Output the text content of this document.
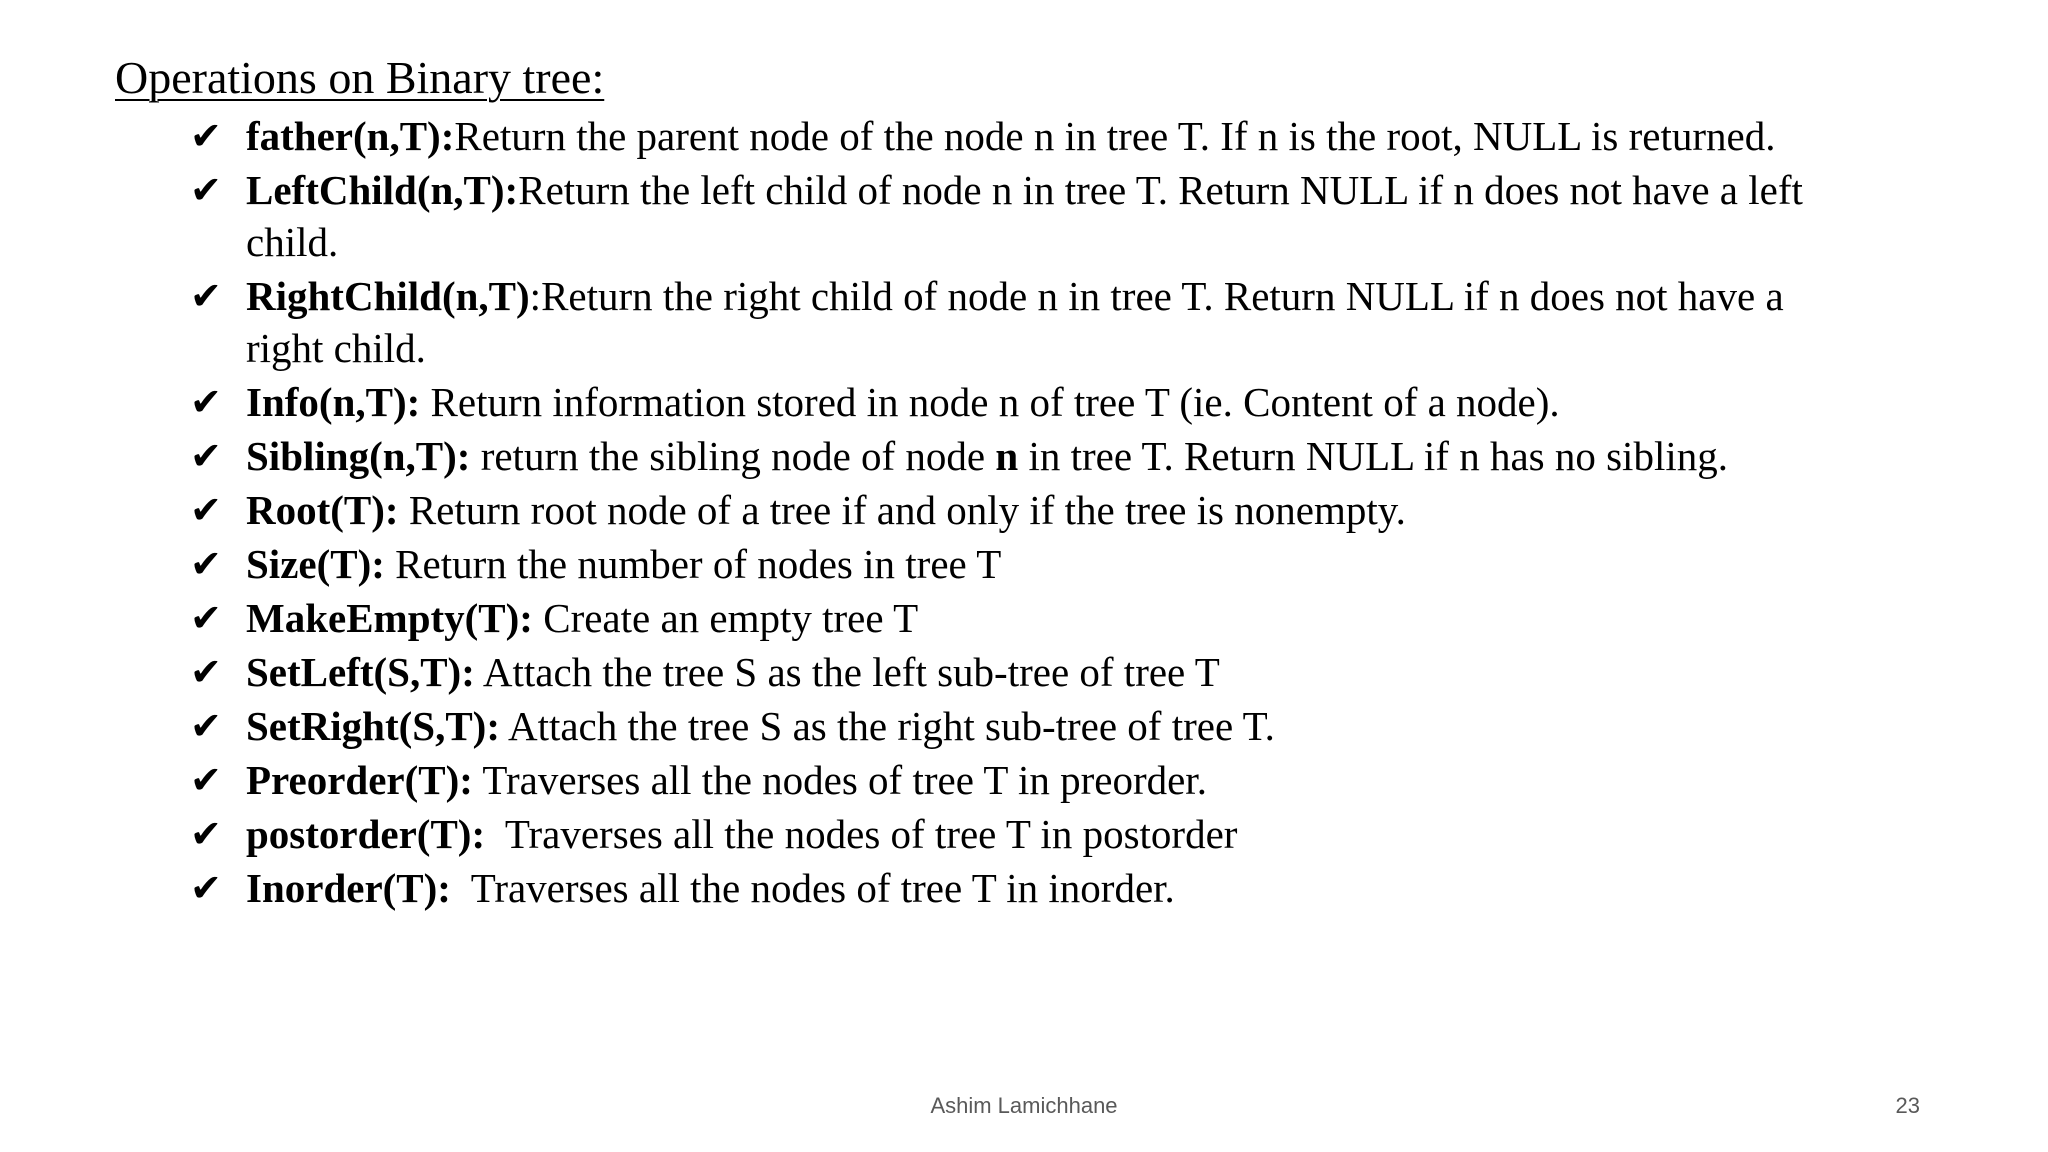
Operations on Binary tree:
✔ father(n,T):Return the parent node of the node n in tree T. If n is the root, NULL is returned.
✔ LeftChild(n,T):Return the left child of node n in tree T. Return NULL if n does not have a left child.
✔ RightChild(n,T):Return the right child of node n in tree T. Return NULL if n does not have a right child.
✔ Info(n,T): Return information stored in node n of tree T (ie. Content of a node).
✔ Sibling(n,T): return the sibling node of node n in tree T. Return NULL if n has no sibling.
✔ Root(T): Return root node of a tree if and only if the tree is nonempty.
✔ Size(T): Return the number of nodes in tree T
✔ MakeEmpty(T): Create an empty tree T
✔ SetLeft(S,T): Attach the tree S as the left sub-tree of tree T
✔ SetRight(S,T): Attach the tree S as the right sub-tree of tree T.
✔ Preorder(T): Traverses all the nodes of tree T in preorder.
✔ postorder(T):  Traverses all the nodes of tree T in postorder
✔ Inorder(T):  Traverses all the nodes of tree T in inorder.
Ashim Lamichhane	23
